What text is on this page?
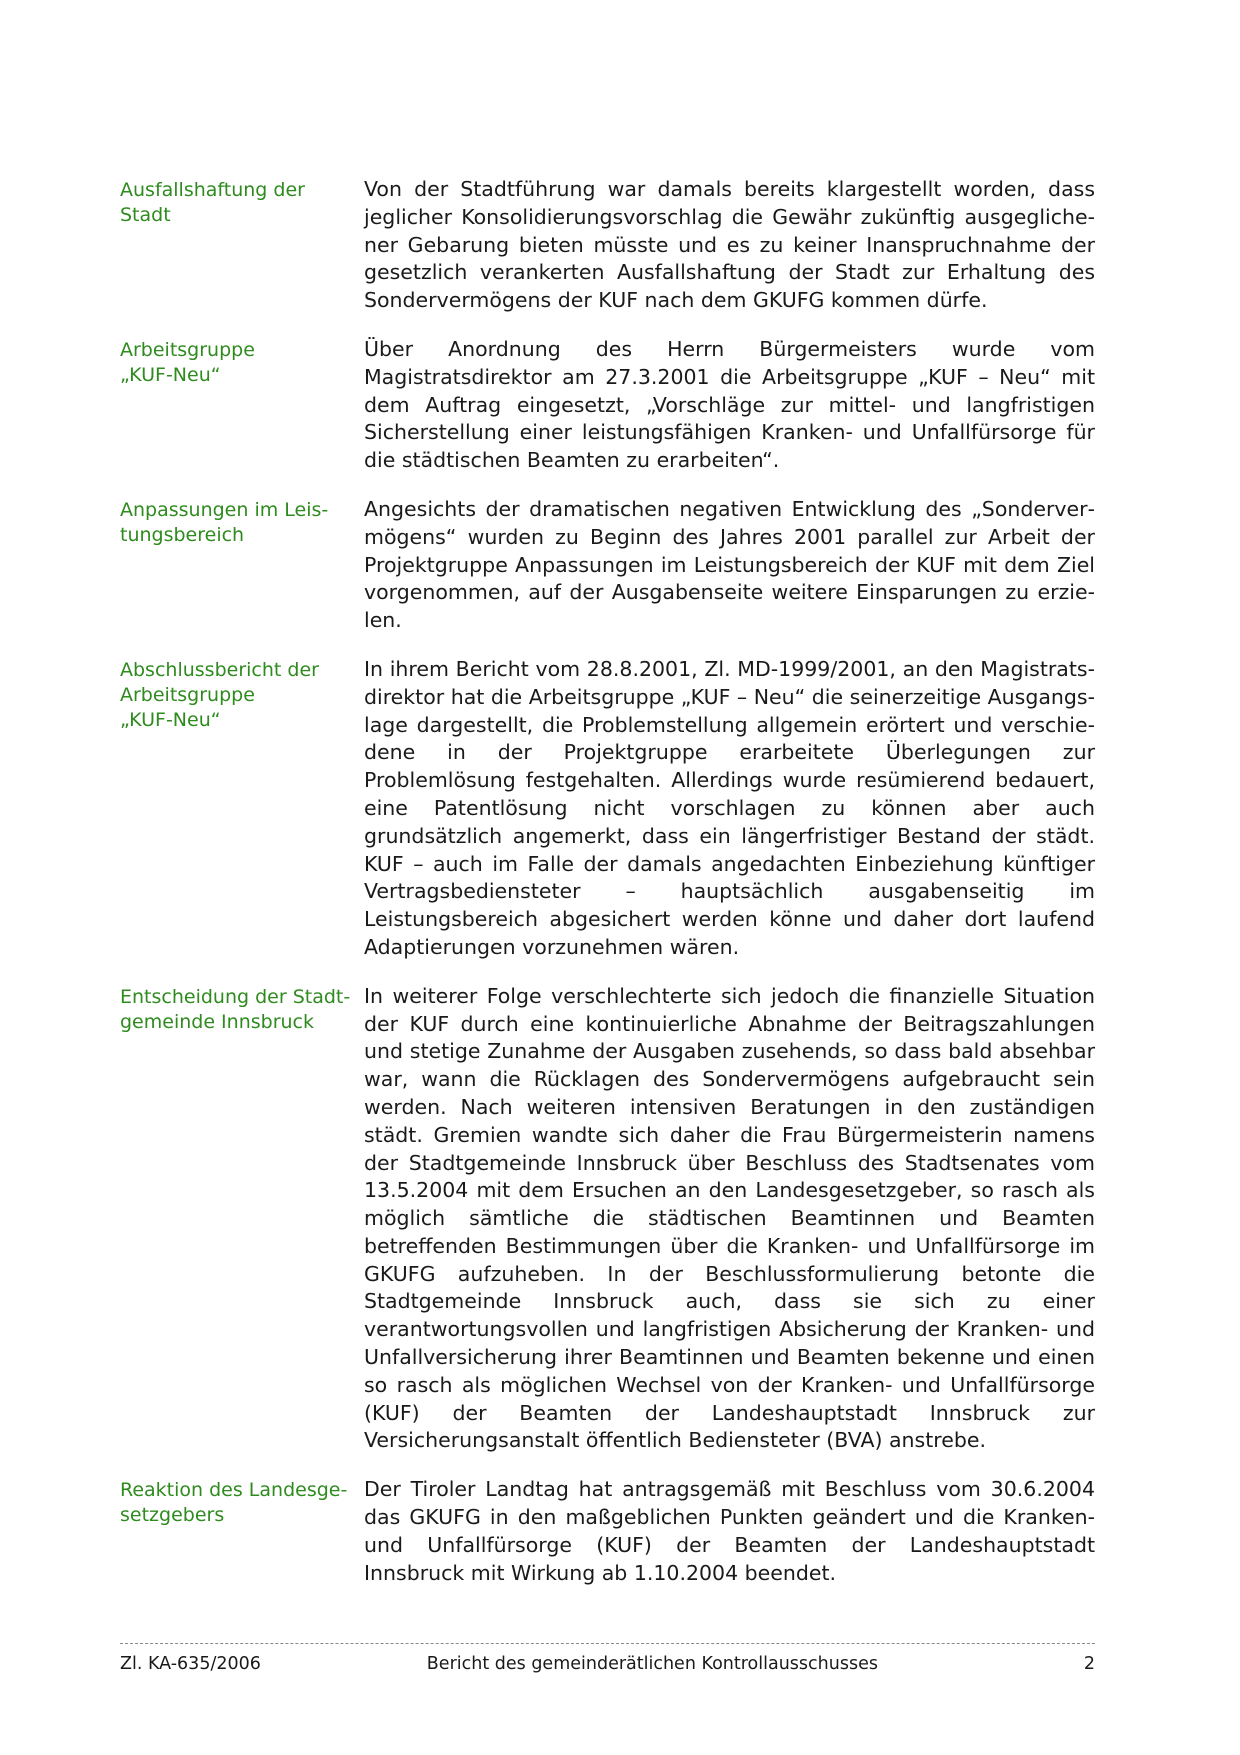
Ausfallshaftung der
Stadt
Von der Stadtführung war damals bereits klargestellt worden, dass jeglicher Konsolidierungsvorschlag die Gewähr zukünftig ausgeglichener Gebarung bieten müsste und es zu keiner Inanspruchnahme der gesetzlich verankerten Ausfallshaftung der Stadt zur Erhaltung des Sondervermögens der KUF nach dem GKUFG kommen dürfe.
Arbeitsgruppe
„KUF-Neu“
Über Anordnung des Herrn Bürgermeisters wurde vom Magistratsdirektor am 27.3.2001 die Arbeitsgruppe „KUF – Neu“ mit dem Auftrag eingesetzt, „Vorschläge zur mittel- und langfristigen Sicherstellung einer leistungsfähigen Kranken- und Unfallfürsorge für die städtischen Beamten zu erarbeiten“.
Anpassungen im Leis-
tungsbereich
Angesichts der dramatischen negativen Entwicklung des „Sondervermögens“ wurden zu Beginn des Jahres 2001 parallel zur Arbeit der Projektgruppe Anpassungen im Leistungsbereich der KUF mit dem Ziel vorgenommen, auf der Ausgabenseite weitere Einsparungen zu erzielen.
Abschlussbericht der
Arbeitsgruppe
„KUF-Neu“
In ihrem Bericht vom 28.8.2001, Zl. MD-1999/2001, an den Magistratsdirektor hat die Arbeitsgruppe „KUF – Neu“ die seinerzeitige Ausgangslage dargestellt, die Problemstellung allgemein erörtert und verschiedene in der Projektgruppe erarbeitete Überlegungen zur Problemlösung festgehalten. Allerdings wurde resümierend bedauert, eine Patentlösung nicht vorschlagen zu können aber auch grundsätzlich angemerkt, dass ein längerfristiger Bestand der städt. KUF – auch im Falle der damals angedachten Einbeziehung künftiger Vertragsbediensteter – hauptsächlich ausgabenseitig im Leistungsbereich abgesichert werden könne und daher dort laufend Adaptierungen vorzunehmen wären.
Entscheidung der Stadt-
gemeinde Innsbruck
In weiterer Folge verschlechterte sich jedoch die finanzielle Situation der KUF durch eine kontinuierliche Abnahme der Beitragszahlungen und stetige Zunahme der Ausgaben zusehends, so dass bald absehbar war, wann die Rücklagen des Sondervermögens aufgebraucht sein werden. Nach weiteren intensiven Beratungen in den zuständigen städt. Gremien wandte sich daher die Frau Bürgermeisterin namens der Stadtgemeinde Innsbruck über Beschluss des Stadtsenates vom 13.5.2004 mit dem Ersuchen an den Landesgesetzgeber, so rasch als möglich sämtliche die städtischen Beamtinnen und Beamten betreffenden Bestimmungen über die Kranken- und Unfallfürsorge im GKUFG aufzuheben. In der Beschlussformulierung betonte die Stadtgemeinde Innsbruck auch, dass sie sich zu einer verantwortungsvollen und langfristigen Absicherung der Kranken- und Unfallversicherung ihrer Beamtinnen und Beamten bekenne und einen so rasch als möglichen Wechsel von der Kranken- und Unfallfürsorge (KUF) der Beamten der Landeshauptstadt Innsbruck zur Versicherungsanstalt öffentlich Bediensteter (BVA) anstrebe.
Reaktion des Landesge-
setzgebers
Der Tiroler Landtag hat antragsgemäß mit Beschluss vom 30.6.2004 das GKUFG in den maßgeblichen Punkten geändert und die Kranken- und Unfallfürsorge (KUF) der Beamten der Landeshauptstadt Innsbruck mit Wirkung ab 1.10.2004 beendet.
Zl. KA-635/2006	Bericht des gemeinderätlichen Kontrollausschusses	2
